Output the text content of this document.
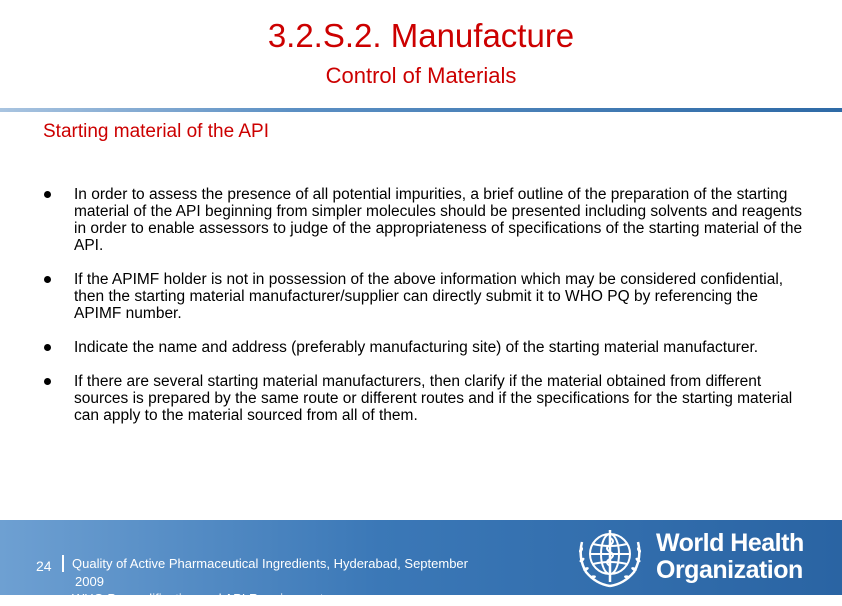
3.2.S.2. Manufacture
Control of Materials
Starting material of the API
In order to assess the presence of all potential impurities, a brief outline of the preparation of the starting material of the API beginning from simpler molecules should be presented including solvents and reagents in order to enable assessors to judge of the appropriateness of specifications of the starting material of the API.
If the APIMF holder is not in possession of the above information which may be considered confidential, then the starting material manufacturer/supplier can directly submit it to WHO PQ by referencing the APIMF number.
Indicate the name and address (preferably manufacturing site) of the starting material manufacturer.
If there are several starting material manufacturers, then clarify if the material obtained from different sources is prepared by the same route or different routes and if the specifications for the starting material can apply to the material sourced from all of them.
24 Quality of Active Pharmaceutical Ingredients, Hyderabad, September
2009
WHO Prequalification and API Requirements
World Health
Organization
